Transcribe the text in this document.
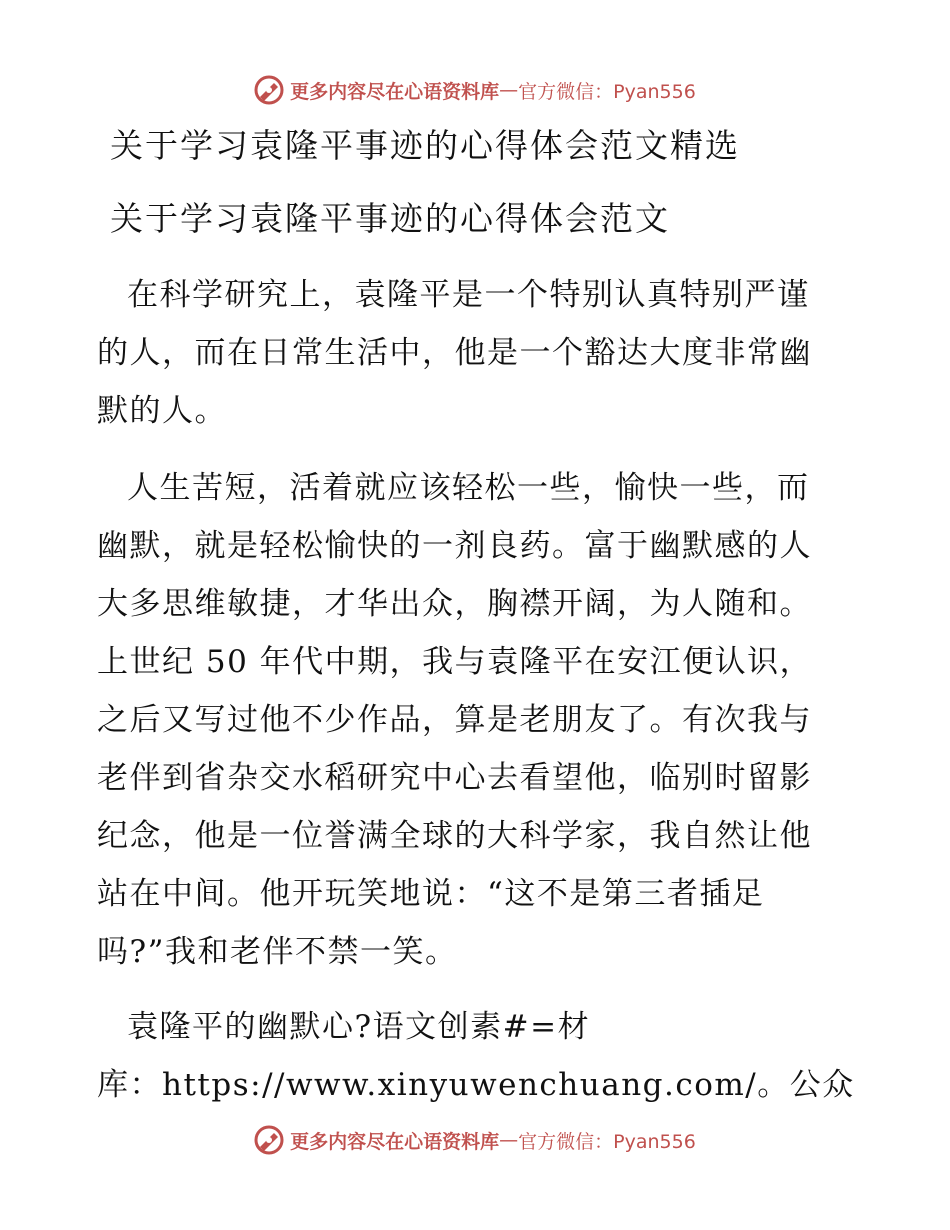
更多内容尽在心语资料库 — 官方微信：Pyan556
关于学习袁隆平事迹的心得体会范文精选
关于学习袁隆平事迹的心得体会范文

在科学研究上，袁隆平是一个特别认真特别严谨
的人，而在日常生活中，他是一个豁达大度非常幽
默的人。

人生苦短，活着就应该轻松一些，愉快一些，而
幽默，就是轻松愉快的一剂良药。富于幽默感的人
大多思维敏捷，才华出众，胸襟开阔，为人随和。
上世纪 50 年代中期，我与袁隆平在安江便认识，
之后又写过他不少作品，算是老朋友了。有次我与
老伴到省杂交水稻研究中心去看望他，临别时留影
纪念，他是一位誉满全球的大科学家，我自然让他
站在中间。他开玩笑地说：“这不是第三者插足
吗?”我和老伴不禁一笑。

袁隆平的幽默心?语文创素#=材
库：https://www.xinyuwenchuang.com/。公众

更多内容尽在心语资料库 — 官方微信：Pyan556
